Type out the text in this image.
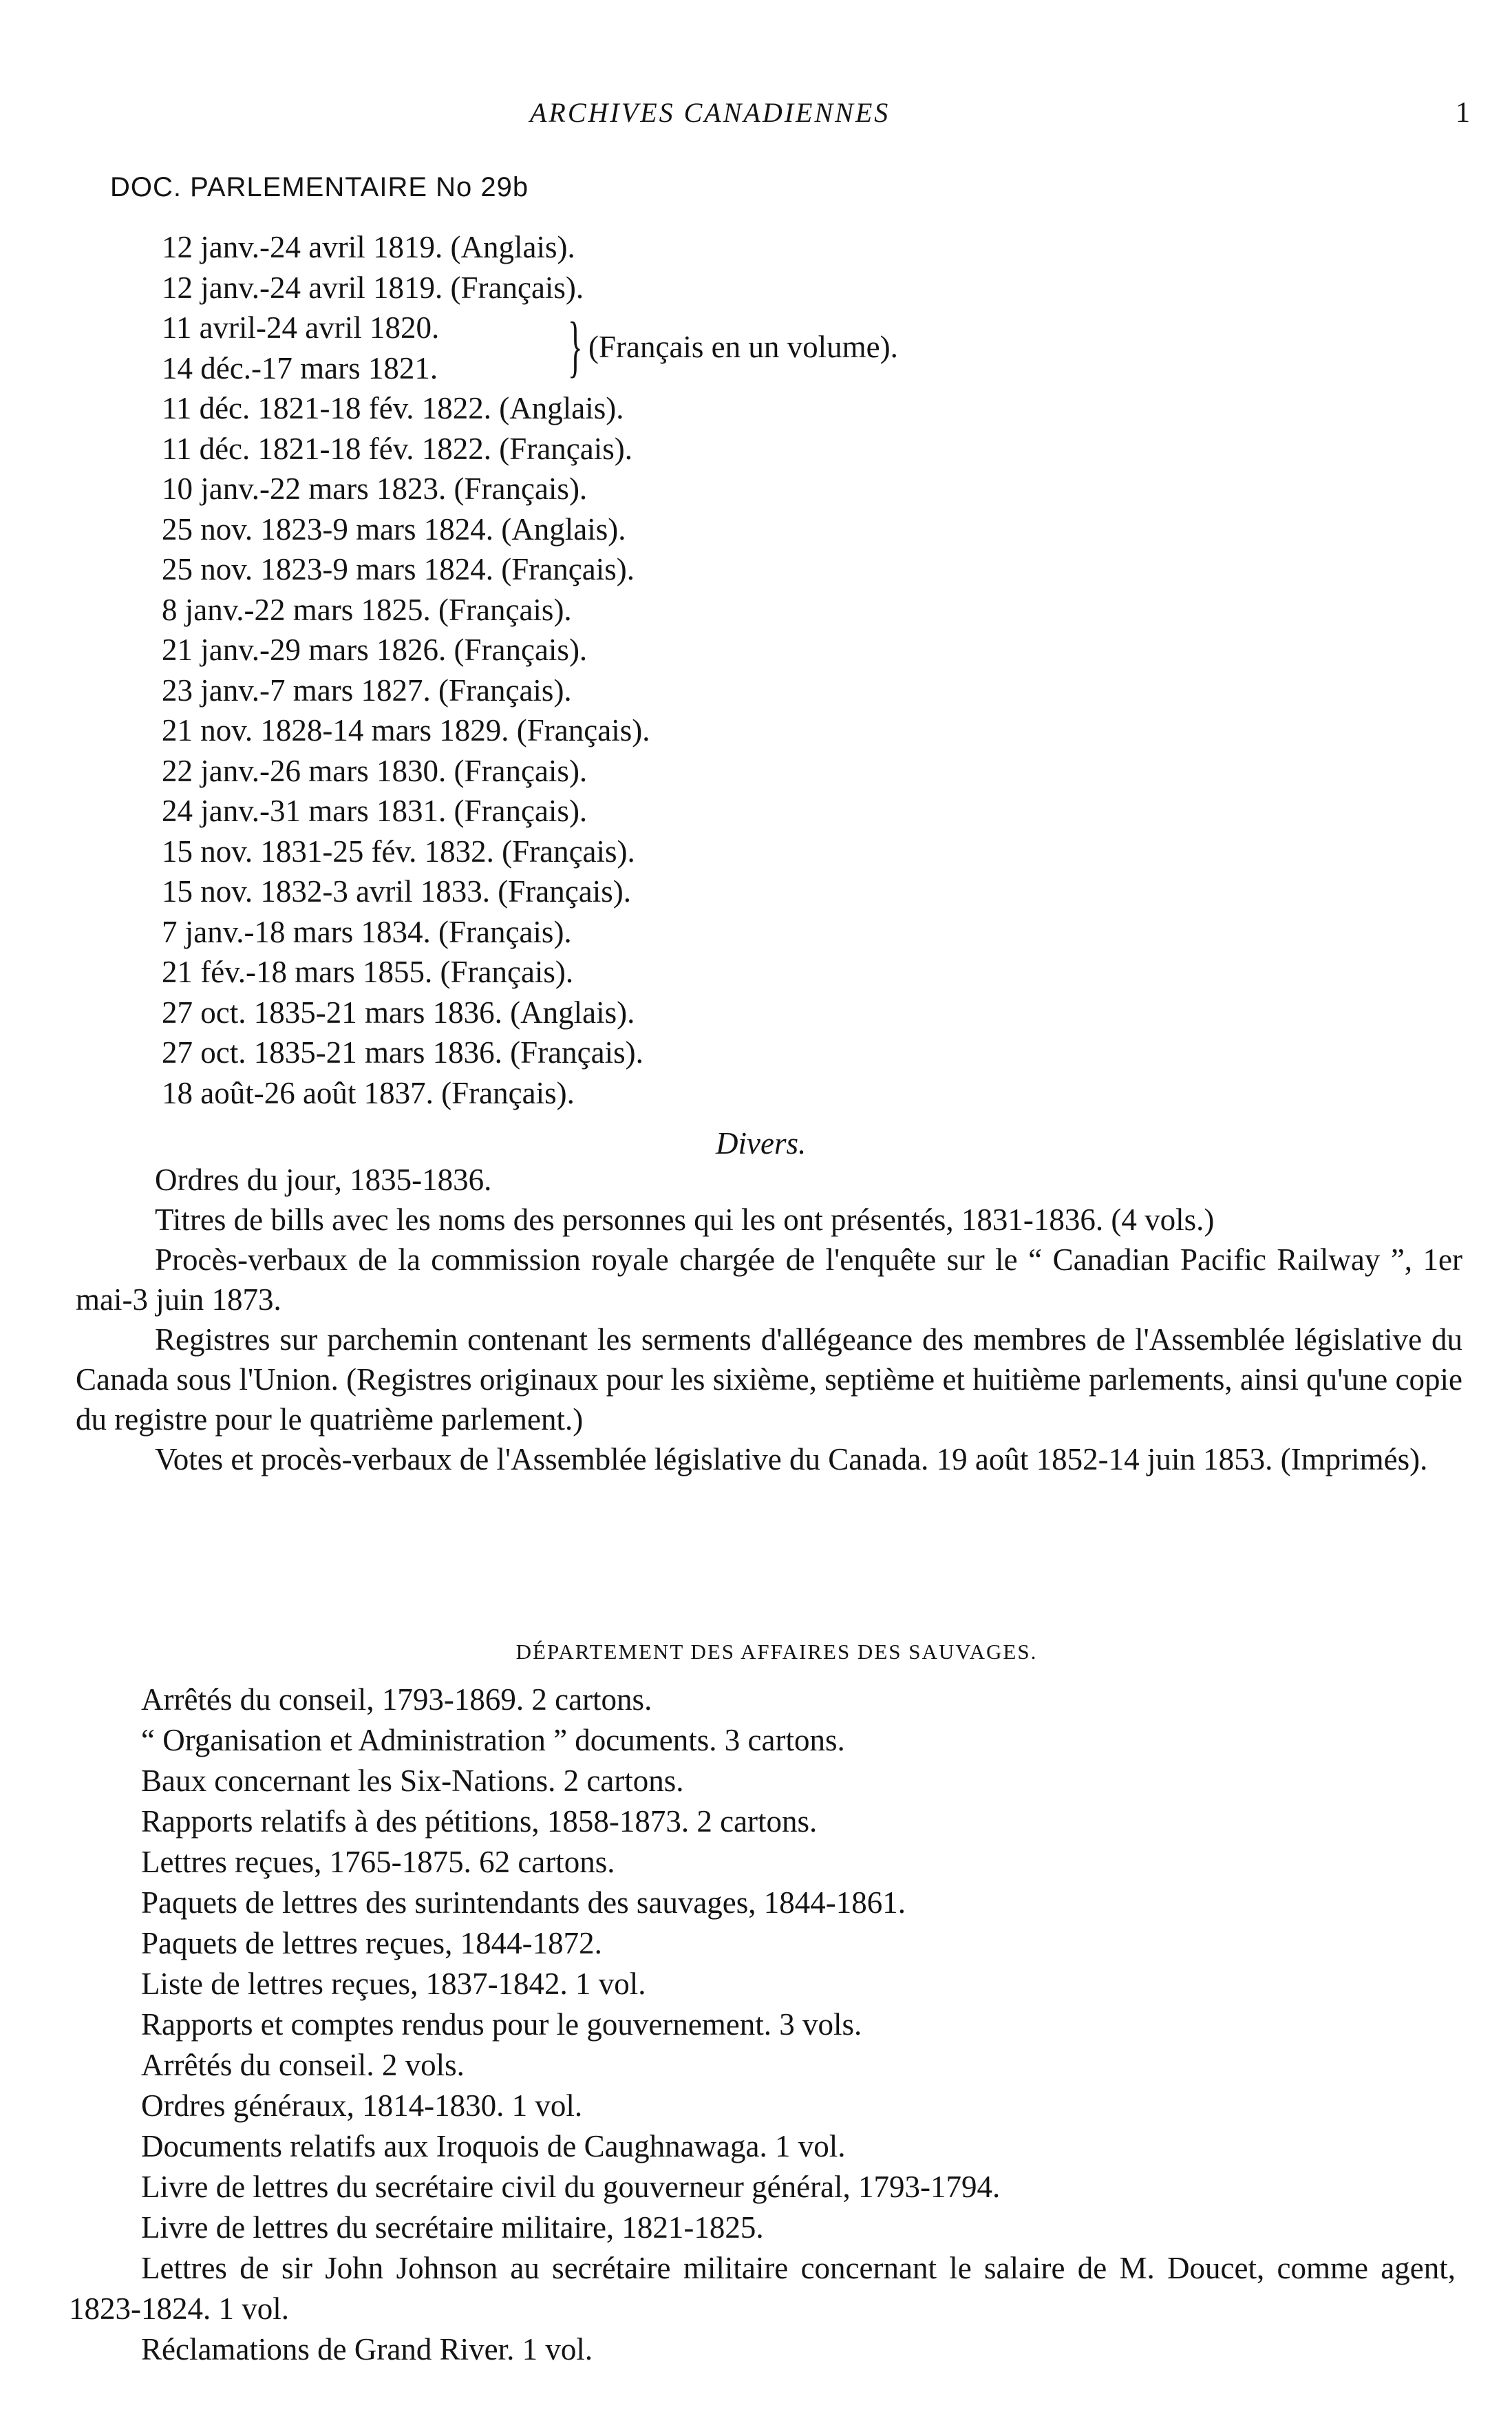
ARCHIVES CANADIENNES	1
DOC. PARLEMENTAIRE No 29b
12 janv.-24 avril 1819. (Anglais).
12 janv.-24 avril 1819. (Français).
11 avril-24 avril 1820.
14 déc.-17 mars 1821.	} (Français en un volume).
11 déc. 1821-18 fév. 1822. (Anglais).
11 déc. 1821-18 fév. 1822. (Français).
10 janv.-22 mars 1823. (Français).
25 nov. 1823-9 mars 1824. (Anglais).
25 nov. 1823-9 mars 1824. (Français).
8 janv.-22 mars 1825. (Français).
21 janv.-29 mars 1826. (Français).
23 janv.-7 mars 1827. (Français).
21 nov. 1828-14 mars 1829. (Français).
22 janv.-26 mars 1830. (Français).
24 janv.-31 mars 1831. (Français).
15 nov. 1831-25 fév. 1832. (Français).
15 nov. 1832-3 avril 1833. (Français).
7 janv.-18 mars 1834. (Français).
21 fév.-18 mars 1855. (Français).
27 oct. 1835-21 mars 1836. (Anglais).
27 oct. 1835-21 mars 1836. (Français).
18 août-26 août 1837. (Français).
Divers.
Ordres du jour, 1835-1836.
Titres de bills avec les noms des personnes qui les ont présentés, 1831-1836. (4 vols.)
Procès-verbaux de la commission royale chargée de l'enquête sur le “ Canadian Pacific Railway ”, 1er mai-3 juin 1873.
Registres sur parchemin contenant les serments d'allégeance des membres de l'Assemblée législative du Canada sous l'Union. (Registres originaux pour les sixième, septième et huitième parlements, ainsi qu'une copie du registre pour le quatrième parlement.)
Votes et procès-verbaux de l'Assemblée législative du Canada. 19 août 1852-14 juin 1853. (Imprimés).
DÉPARTEMENT DES AFFAIRES DES SAUVAGES.
Arrêtés du conseil, 1793-1869. 2 cartons.
“ Organisation et Administration ” documents. 3 cartons.
Baux concernant les Six-Nations. 2 cartons.
Rapports relatifs à des pétitions, 1858-1873. 2 cartons.
Lettres reçues, 1765-1875. 62 cartons.
Paquets de lettres des surintendants des sauvages, 1844-1861.
Paquets de lettres reçues, 1844-1872.
Liste de lettres reçues, 1837-1842. 1 vol.
Rapports et comptes rendus pour le gouvernement. 3 vols.
Arrêtés du conseil. 2 vols.
Ordres généraux, 1814-1830. 1 vol.
Documents relatifs aux Iroquois de Caughnawaga. 1 vol.
Livre de lettres du secrétaire civil du gouverneur général, 1793-1794.
Livre de lettres du secrétaire militaire, 1821-1825.
Lettres de sir John Johnson au secrétaire militaire concernant le salaire de M. Doucet, comme agent, 1823-1824. 1 vol.
Réclamations de Grand River. 1 vol.
